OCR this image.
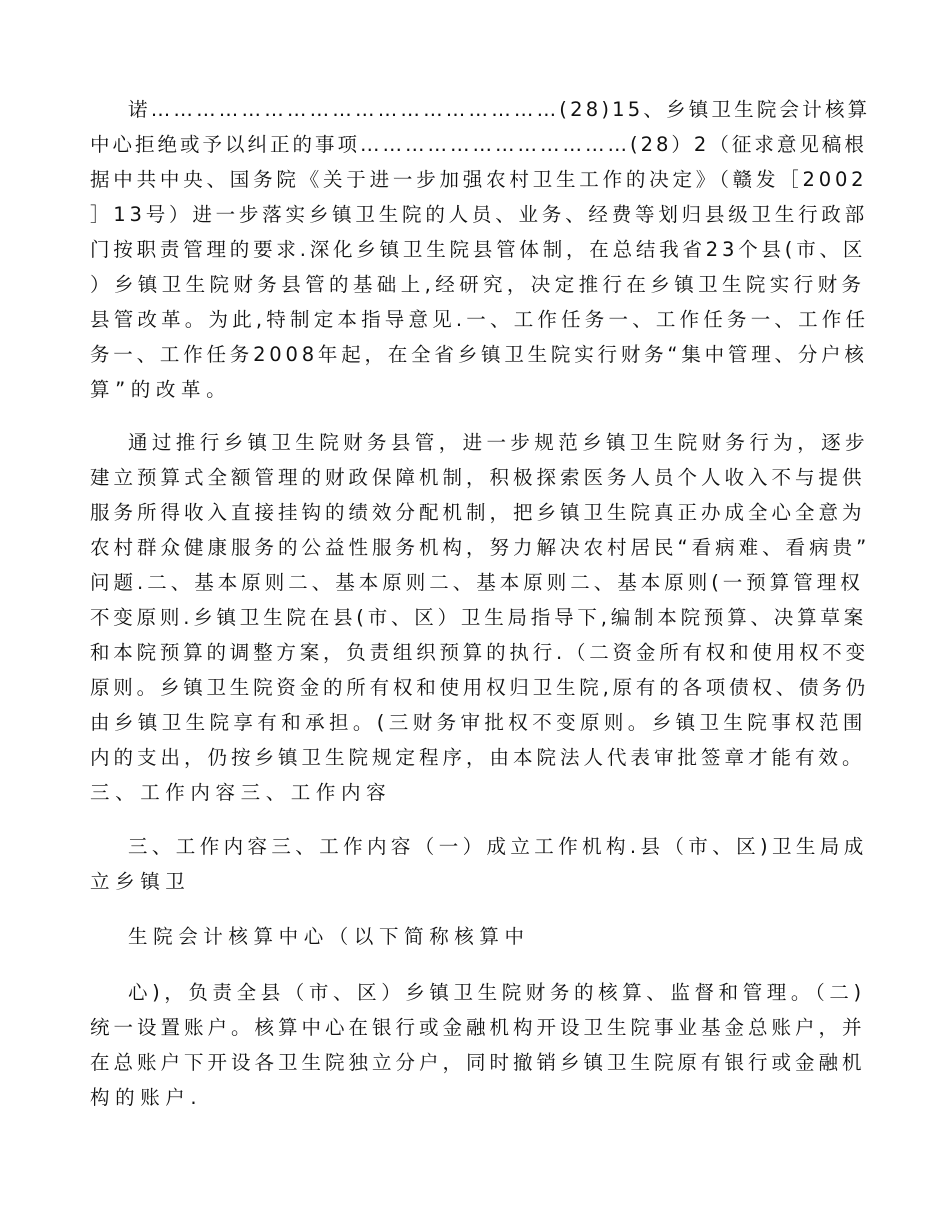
诺………………………………………………(28)15、乡镇卫生院会计核算
中心拒绝或予以纠正的事项………………………………(28）2（征求意见稿根
据中共中央、国务院《关于进一步加强农村卫生工作的决定》（赣发［2002
］13号）进一步落实乡镇卫生院的人员、业务、经费等划归县级卫生行政部
门按职责管理的要求.深化乡镇卫生院县管体制，在总结我省23个县(市、区
）乡镇卫生院财务县管的基础上,经研究，决定推行在乡镇卫生院实行财务
县管改革。为此,特制定本指导意见.一、工作任务一、工作任务一、工作任
务一、工作任务2008年起，在全省乡镇卫生院实行财务“集中管理、分户核
算”的改革。
通过推行乡镇卫生院财务县管，进一步规范乡镇卫生院财务行为，逐步
建立预算式全额管理的财政保障机制，积极探索医务人员个人收入不与提供
服务所得收入直接挂钩的绩效分配机制，把乡镇卫生院真正办成全心全意为
农村群众健康服务的公益性服务机构，努力解决农村居民“看病难、看病贵”
问题.二、基本原则二、基本原则二、基本原则二、基本原则(一预算管理权
不变原则.乡镇卫生院在县(市、区）卫生局指导下,编制本院预算、决算草案
和本院预算的调整方案，负责组织预算的执行.（二资金所有权和使用权不变
原则。乡镇卫生院资金的所有权和使用权归卫生院,原有的各项债权、债务仍
由乡镇卫生院享有和承担。(三财务审批权不变原则。乡镇卫生院事权范围
内的支出，仍按乡镇卫生院规定程序，由本院法人代表审批签章才能有效。
三、工作内容三、工作内容
三、工作内容三、工作内容（一）成立工作机构.县（市、区)卫生局成
立乡镇卫
生院会计核算中心（以下简称核算中
心)，负责全县（市、区）乡镇卫生院财务的核算、监督和管理。（二)
统一设置账户。核算中心在银行或金融机构开设卫生院事业基金总账户，并
在总账户下开设各卫生院独立分户，同时撤销乡镇卫生院原有银行或金融机
构的账户.
